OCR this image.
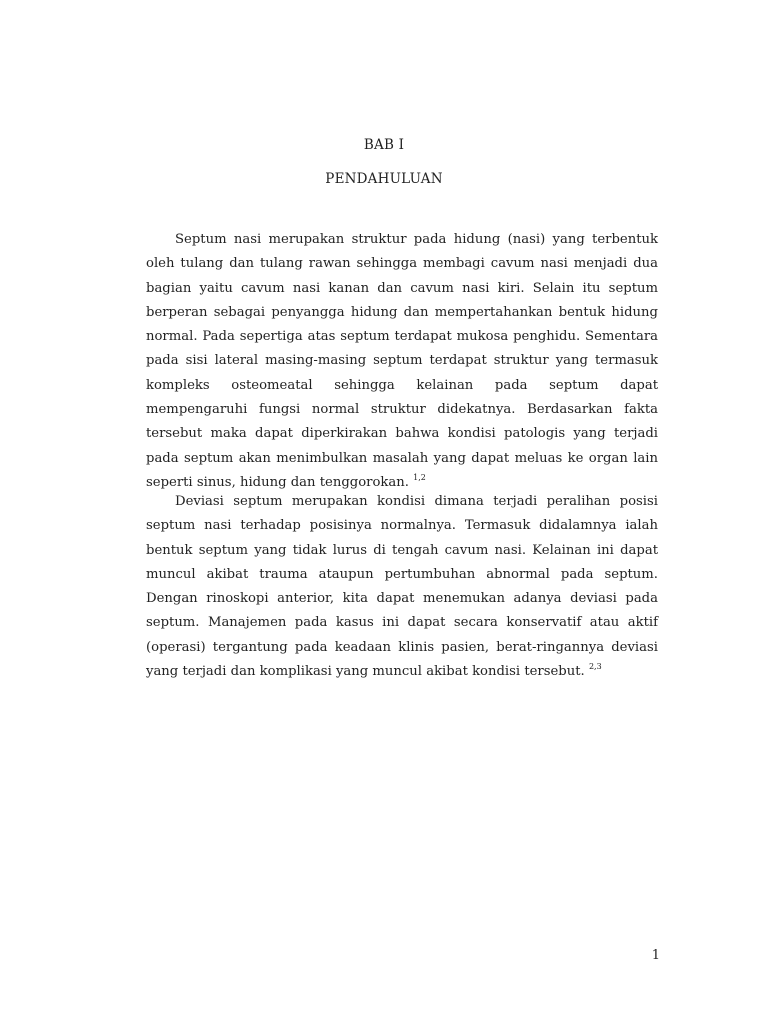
BAB I
PENDAHULUAN

Septum nasi merupakan struktur pada hidung (nasi) yang terbentuk oleh tulang dan tulang rawan sehingga membagi cavum nasi menjadi dua bagian yaitu cavum nasi kanan dan cavum nasi kiri. Selain itu septum berperan sebagai penyangga hidung dan mempertahankan bentuk hidung normal. Pada sepertiga atas septum terdapat mukosa penghidu. Sementara pada sisi lateral masing-masing septum terdapat struktur yang termasuk kompleks osteomeatal sehingga kelainan pada septum dapat mempengaruhi fungsi normal struktur didekatnya. Berdasarkan fakta tersebut maka dapat diperkirakan bahwa kondisi patologis yang terjadi pada septum akan menimbulkan masalah yang dapat meluas ke organ lain seperti sinus, hidung dan tenggorokan. $^{1,2}$

Deviasi septum merupakan kondisi dimana terjadi peralihan posisi septum nasi terhadap posisinya normalnya. Termasuk didalamnya ialah bentuk septum yang tidak lurus di tengah cavum nasi. Kelainan ini dapat muncul akibat trauma ataupun pertumbuhan abnormal pada septum. Dengan rinoskopi anterior, kita dapat menemukan adanya deviasi pada septum. Manajemen pada kasus ini dapat secara konservatif atau aktif (operasi) tergantung pada keadaan klinis pasien, berat-ringannya deviasi yang terjadi dan komplikasi yang muncul akibat kondisi tersebut. $^{2,3}$

1
